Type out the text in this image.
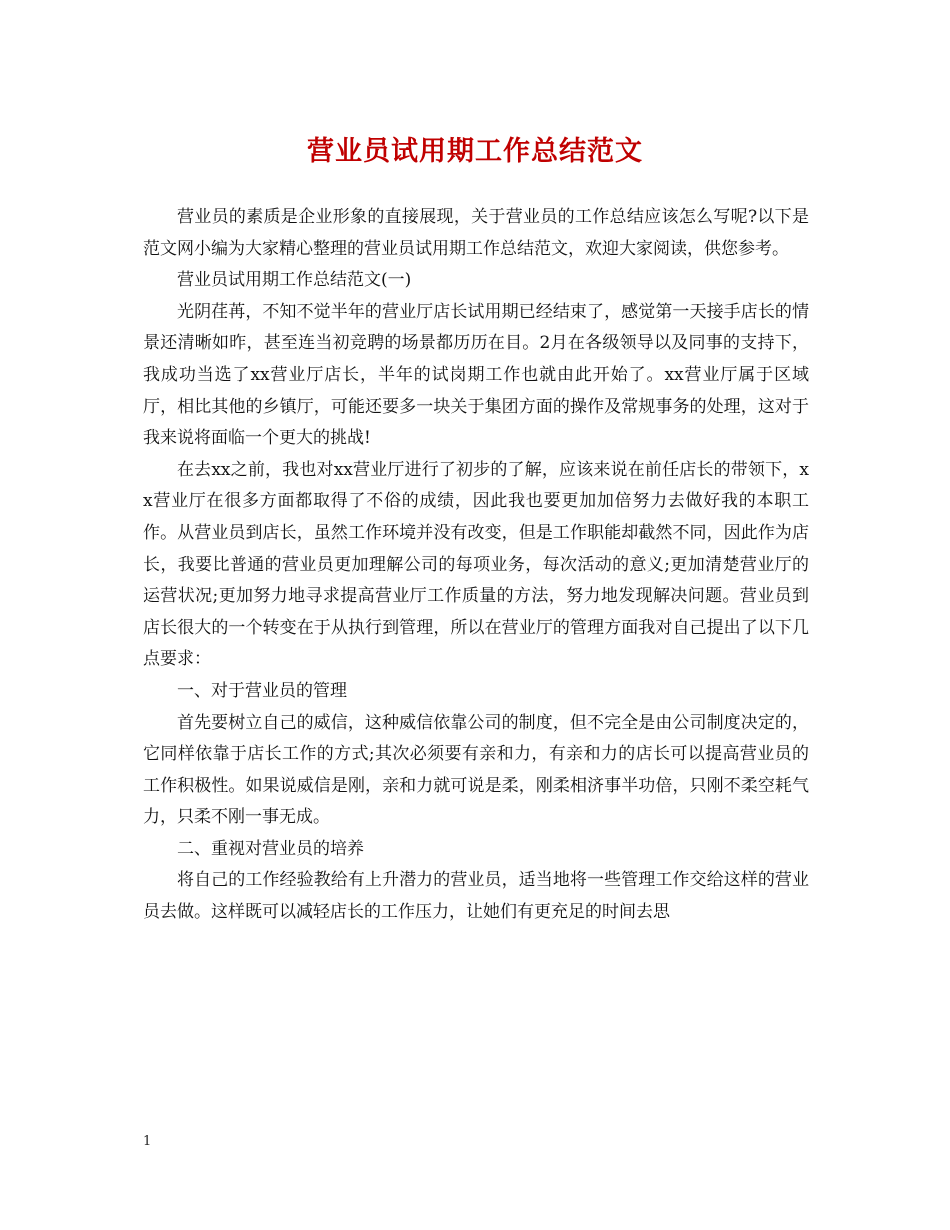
营业员试用期工作总结范文

营业员的素质是企业形象的直接展现，关于营业员的工作总结应该怎么写呢?以下是范文网小编为大家精心整理的营业员试用期工作总结范文，欢迎大家阅读，供您参考。

营业员试用期工作总结范文(一)

光阴荏苒，不知不觉半年的营业厅店长试用期已经结束了，感觉第一天接手店长的情景还清晰如昨，甚至连当初竞聘的场景都历历在目。2月在各级领导以及同事的支持下，我成功当选了xx营业厅店长，半年的试岗期工作也就由此开始了。xx营业厅属于区域厅，相比其他的乡镇厅，可能还要多一块关于集团方面的操作及常规事务的处理，这对于我来说将面临一个更大的挑战!

在去xx之前，我也对xx营业厅进行了初步的了解，应该来说在前任店长的带领下，xx营业厅在很多方面都取得了不俗的成绩，因此我也要更加加倍努力去做好我的本职工作。从营业员到店长，虽然工作环境并没有改变，但是工作职能却截然不同，因此作为店长，我要比普通的营业员更加理解公司的每项业务，每次活动的意义;更加清楚营业厅的运营状况;更加努力地寻求提高营业厅工作质量的方法，努力地发现解决问题。营业员到店长很大的一个转变在于从执行到管理，所以在营业厅的管理方面我对自己提出了以下几点要求：

一、对于营业员的管理

首先要树立自己的威信，这种威信依靠公司的制度，但不完全是由公司制度决定的，它同样依靠于店长工作的方式;其次必须要有亲和力，有亲和力的店长可以提高营业员的工作积极性。如果说威信是刚，亲和力就可说是柔，刚柔相济事半功倍，只刚不柔空耗气力，只柔不刚一事无成。

二、重视对营业员的培养

将自己的工作经验教给有上升潜力的营业员，适当地将一些管理工作交给这样的营业员去做。这样既可以减轻店长的工作压力，让她们有更充足的时间去思

1
